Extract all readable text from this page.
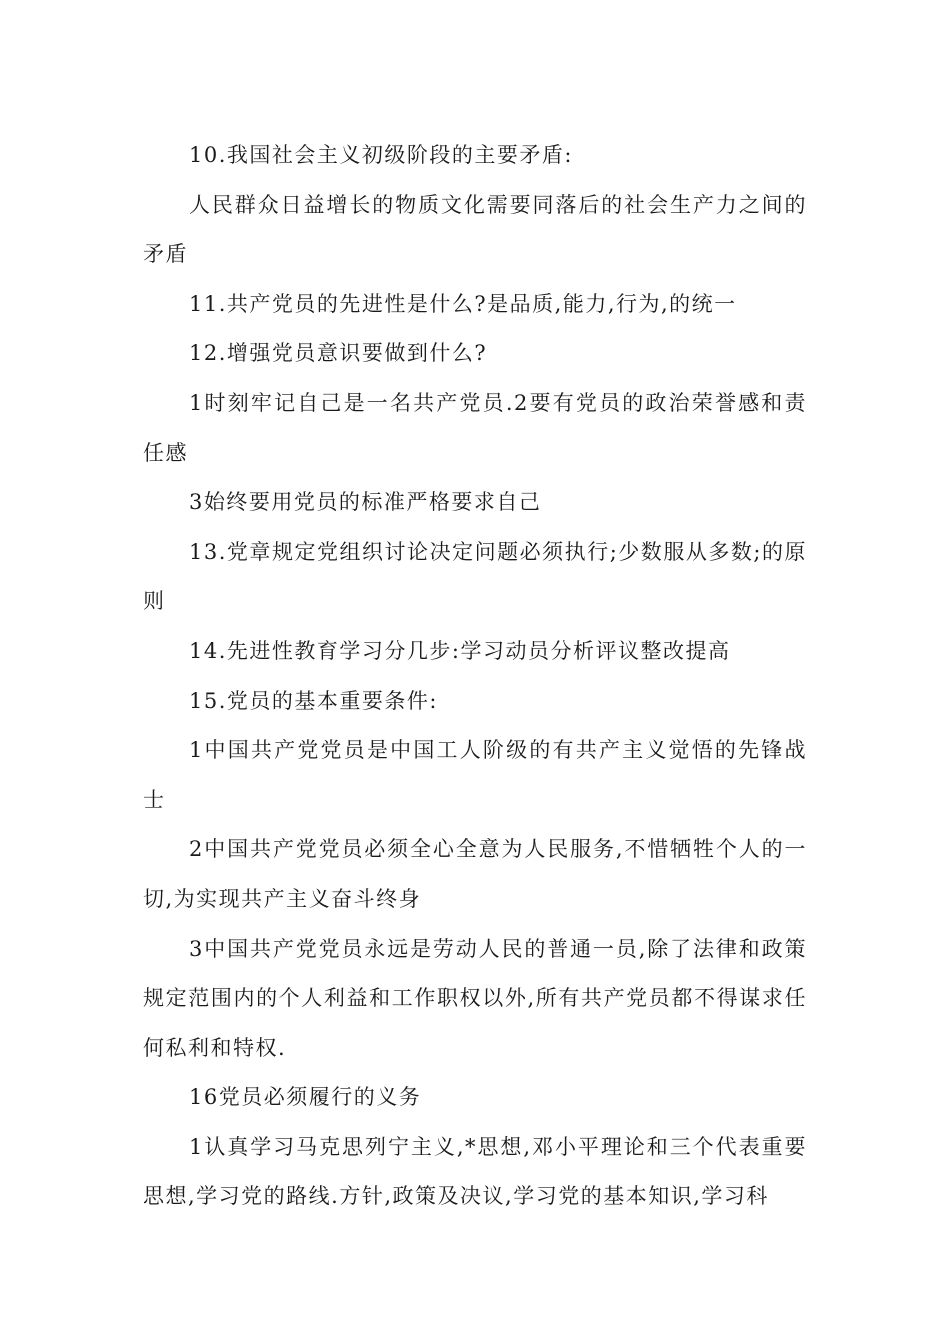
10.我国社会主义初级阶段的主要矛盾:

人民群众日益增长的物质文化需要同落后的社会生产力之间的矛盾

11.共产党员的先进性是什么?是品质,能力,行为,的统一

12.增强党员意识要做到什么?

1时刻牢记自己是一名共产党员.2要有党员的政治荣誉感和责任感

3始终要用党员的标准严格要求自己

13.党章规定党组织讨论决定问题必须执行;少数服从多数;的原则

14.先进性教育学习分几步:学习动员分析评议整改提高

15.党员的基本重要条件:

1中国共产党党员是中国工人阶级的有共产主义觉悟的先锋战士

2中国共产党党员必须全心全意为人民服务,不惜牺牲个人的一切,为实现共产主义奋斗终身

3中国共产党党员永远是劳动人民的普通一员,除了法律和政策规定范围内的个人利益和工作职权以外,所有共产党员都不得谋求任何私利和特权.

16党员必须履行的义务

1认真学习马克思列宁主义,*思想,邓小平理论和三个代表重要思想,学习党的路线.方针,政策及决议,学习党的基本知识,学习科
